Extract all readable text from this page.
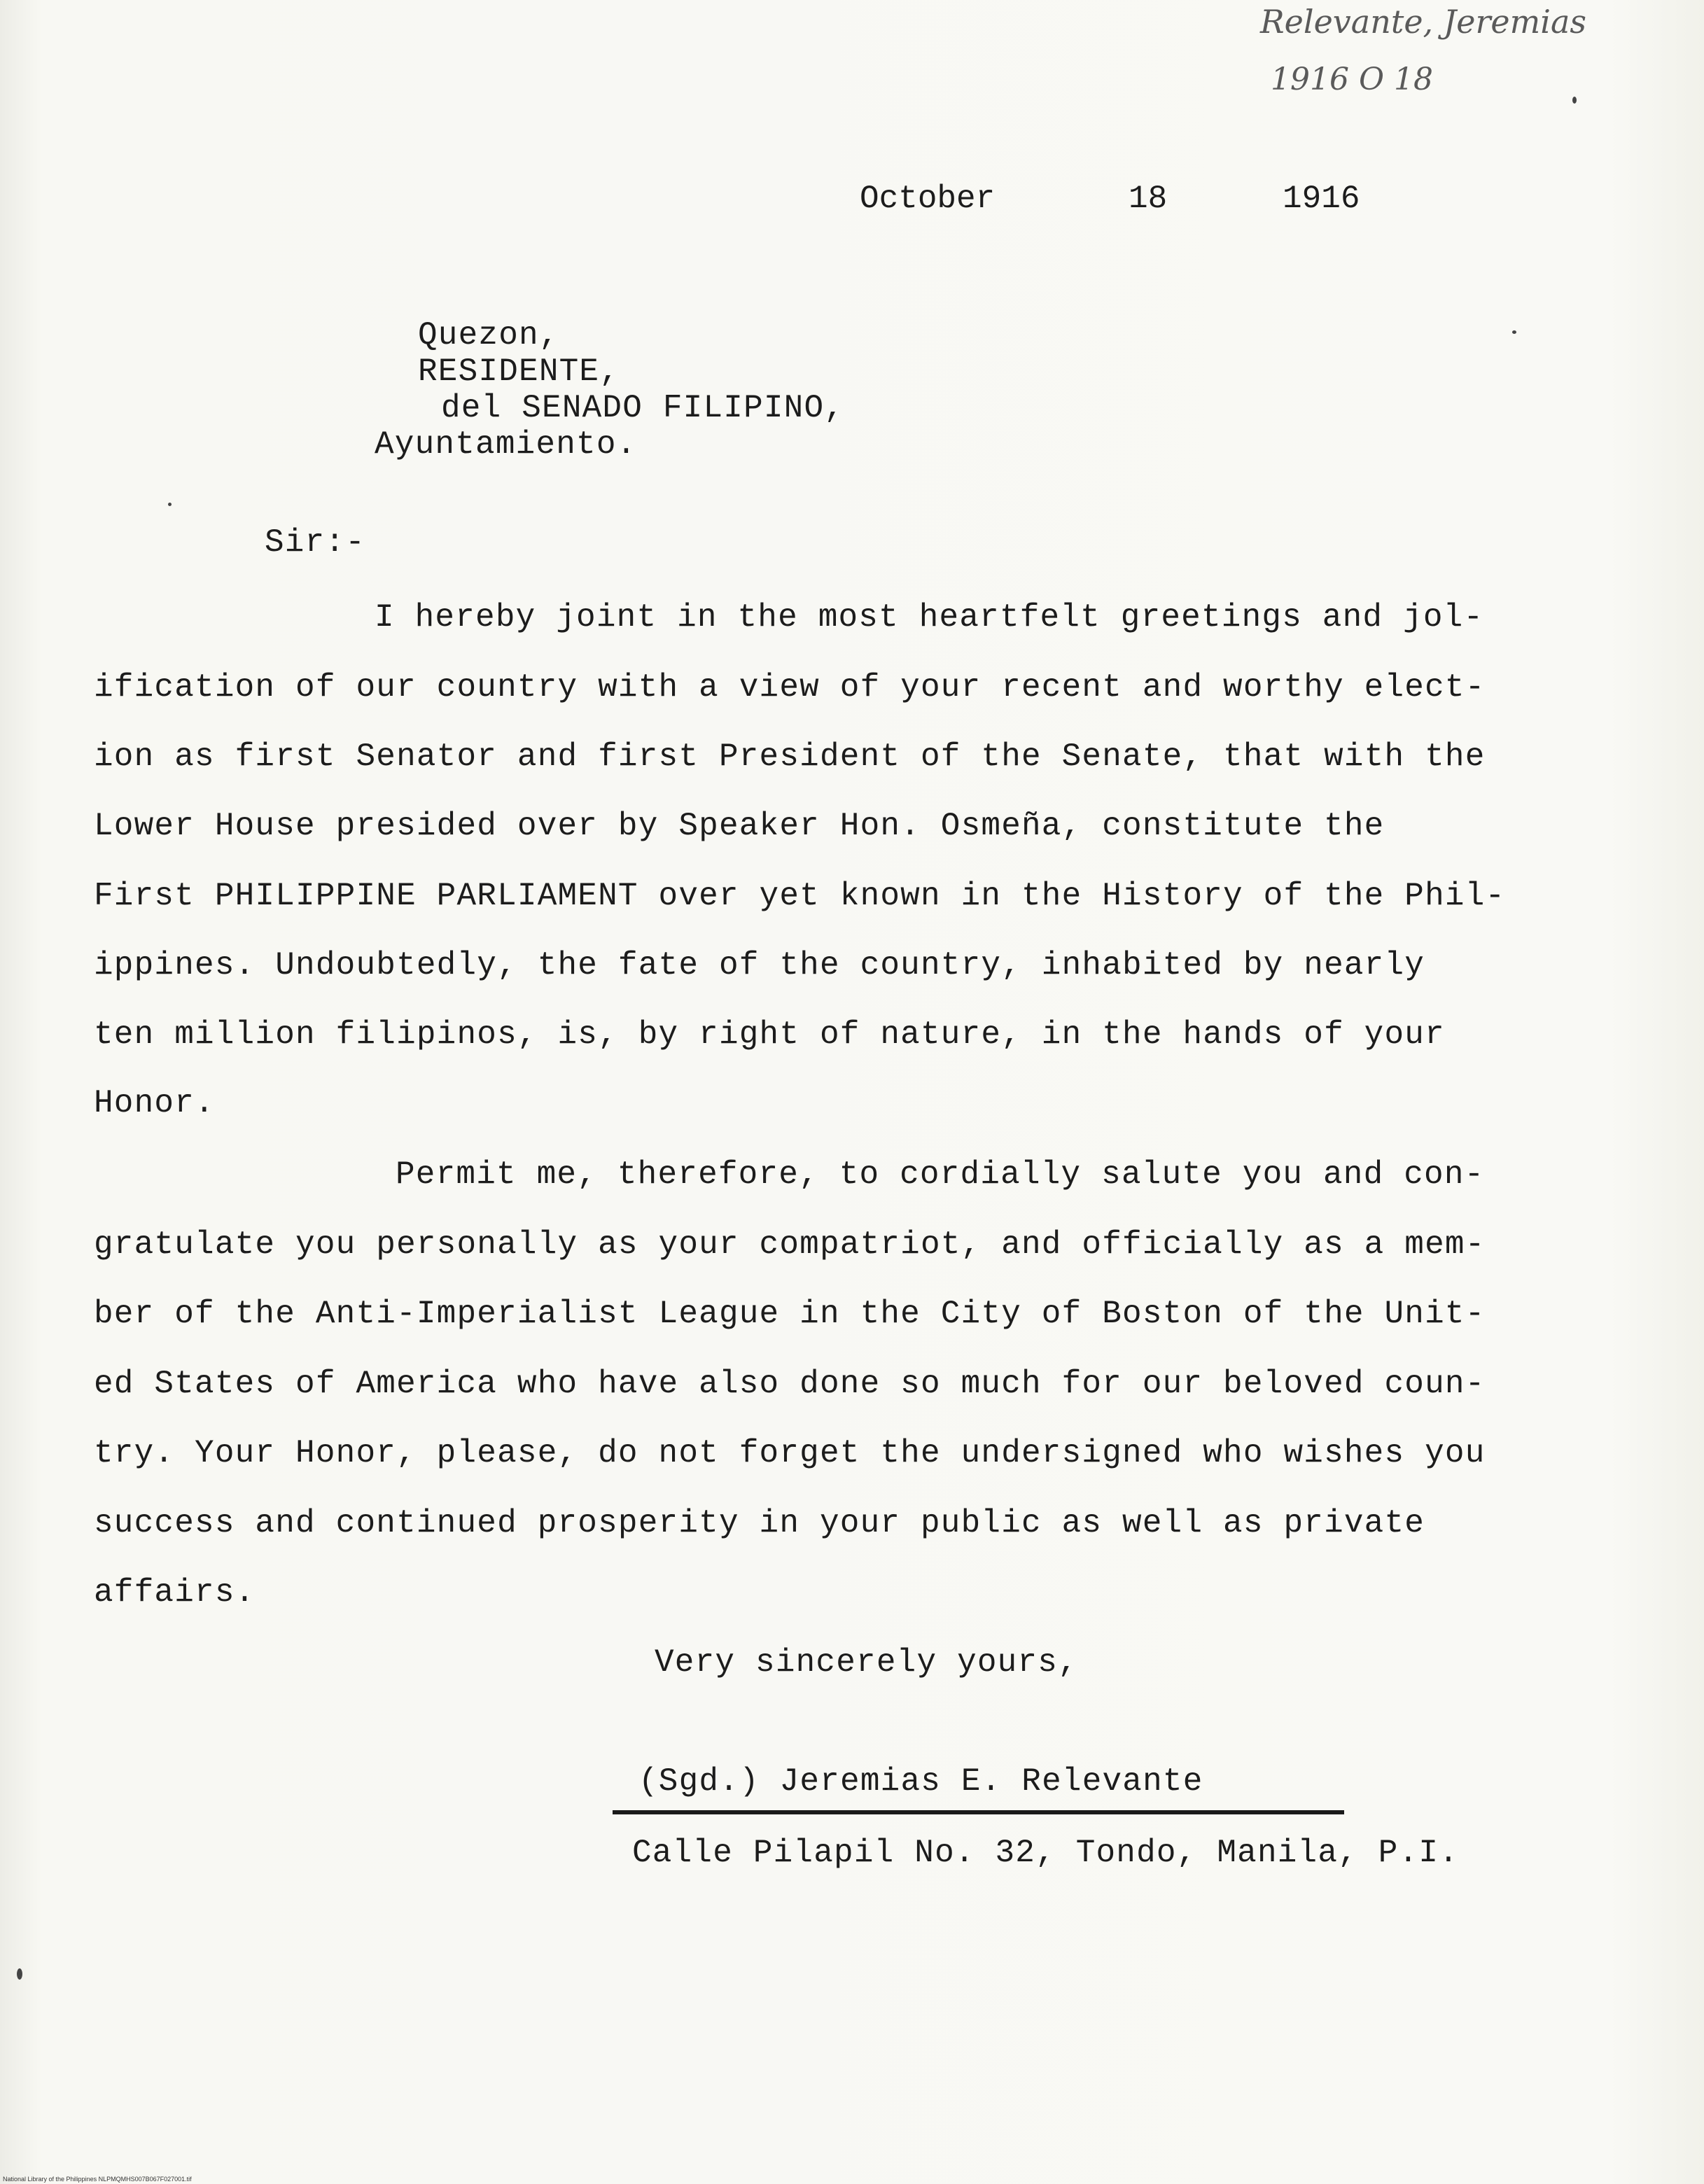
Relevante, Jeremias
1916 O 18
October	18	1916
Quezon,
RESIDENTE,
del SENADO FILIPINO,
Ayuntamiento.
Sir:-
I hereby joint in the most heartfelt greetings and jol-
ification of our country with a view of your recent and worthy elect-
ion as first Senator and first President of the Senate, that with the
Lower House presided over by Speaker Hon. Osmeña, constitute the
First PHILIPPINE PARLIAMENT over yet known in the History of the Phil-
ippines. Undoubtedly, the fate of the country, inhabited by nearly
ten million filipinos, is, by right of nature, in the hands of your
Honor.
Permit me, therefore, to cordially salute you and con-
gratulate you personally as your compatriot, and officially as a mem-
ber of the Anti-Imperialist League in the City of Boston of the Unit-
ed States of America who have also done so much for our beloved coun-
try. Your Honor, please, do not forget the undersigned who wishes you
success and continued prosperity in your public as well as private
affairs.
Very sincerely yours,
(Sgd.) Jeremias E. Relevante
Calle Pilapil No. 32, Tondo, Manila, P.I.
National Library of the Philippines NLPMQMHS007B067F027001.tif
